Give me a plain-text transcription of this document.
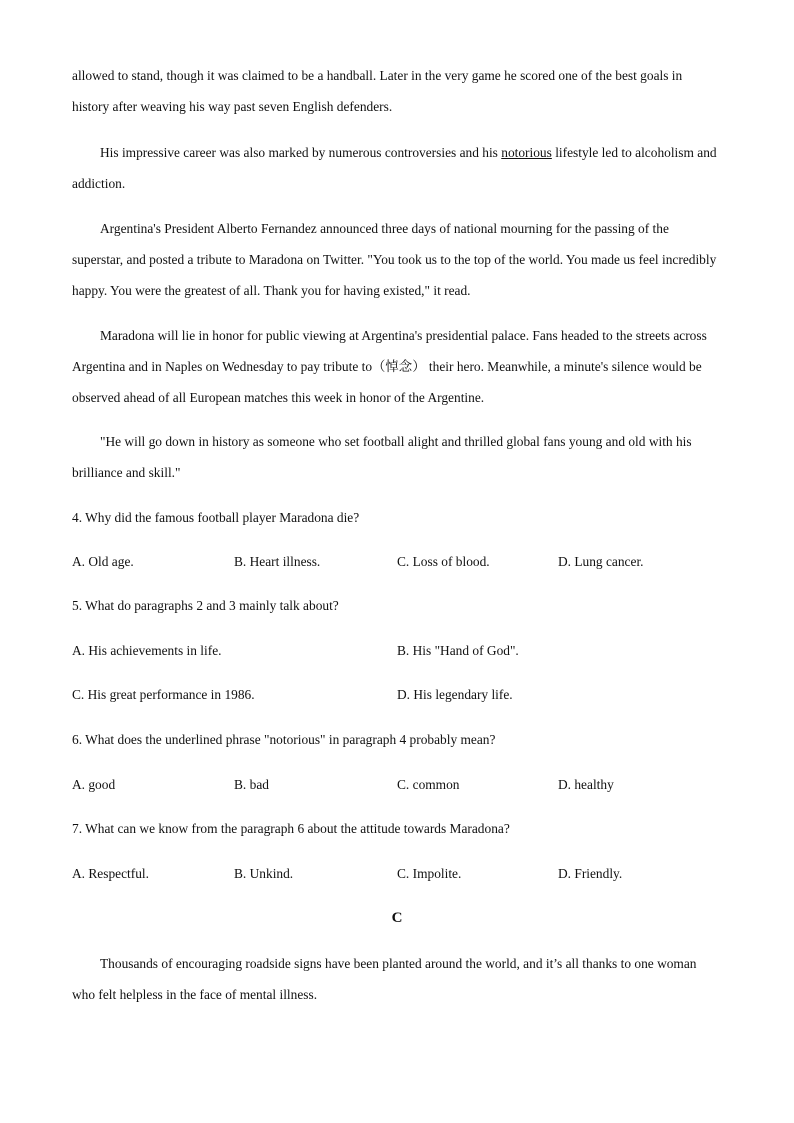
allowed to stand, though it was claimed to be a handball. Later in the very game he scored one of the best goals in history after weaving his way past seven English defenders.

His impressive career was also marked by numerous controversies and his notorious lifestyle led to alcoholism and addiction.

Argentina's President Alberto Fernandez announced three days of national mourning for the passing of the superstar, and posted a tribute to Maradona on Twitter. "You took us to the top of the world. You made us feel incredibly happy. You were the greatest of all. Thank you for having existed," it read.

Maradona will lie in honor for public viewing at Argentina's presidential palace. Fans headed to the streets across Argentina and in Naples on Wednesday to pay tribute to（悼念） their hero. Meanwhile, a minute's silence would be observed ahead of all European matches this week in honor of the Argentine.

"He will go down in history as someone who set football alight and thrilled global fans young and old with his brilliance and skill."

4. Why did the famous football player Maradona die?

A. Old age.	B. Heart illness.	C. Loss of blood.	D. Lung cancer.

5. What do paragraphs 2 and 3 mainly talk about?

A. His achievements in life.	B. His "Hand of God".

C. His great performance in 1986.	D. His legendary life.

6. What does the underlined phrase "notorious" in paragraph 4 probably mean?

A. good	B. bad	C. common	D. healthy

7. What can we know from the paragraph 6 about the attitude towards Maradona?

A. Respectful.	B. Unkind.	C. Impolite.	D. Friendly.

C

Thousands of encouraging roadside signs have been planted around the world, and it’s all thanks to one woman who felt helpless in the face of mental illness.
